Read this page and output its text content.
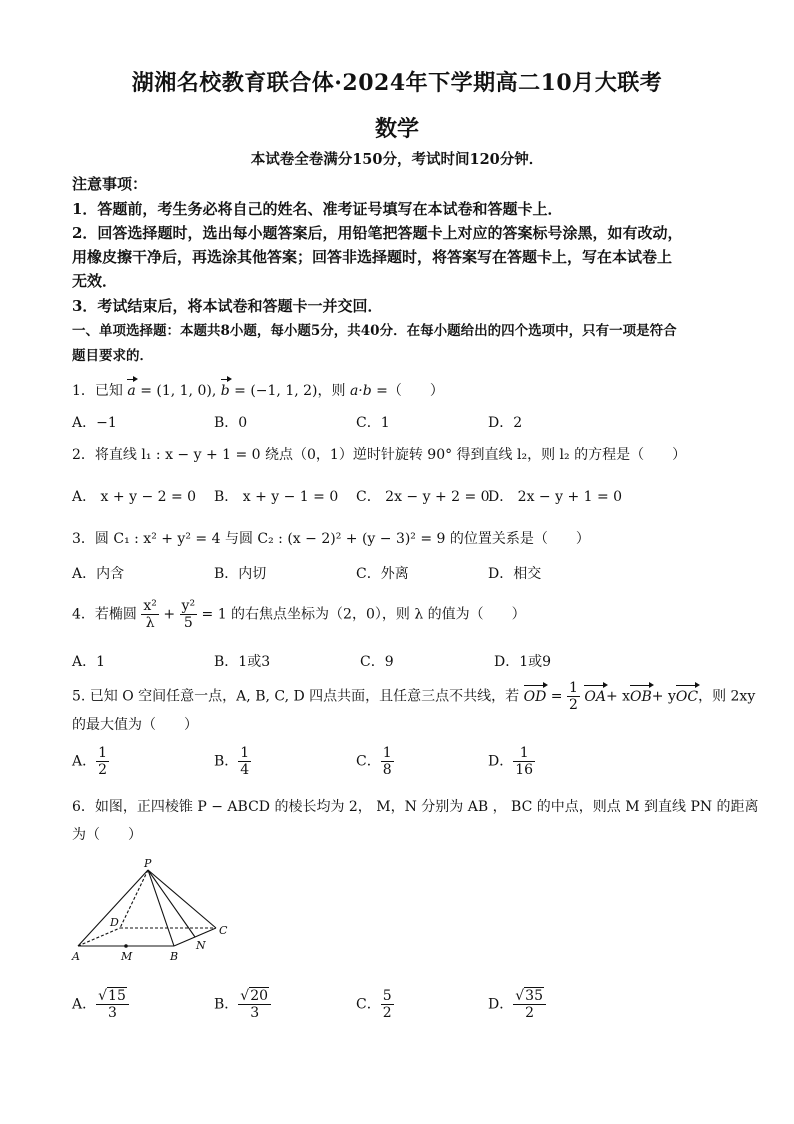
湖湘名校教育联合体·2024年下学期高二10月大联考
数学
本试卷全卷满分150分，考试时间120分钟．
注意事项：
1．答题前，考生务必将自己的姓名、准考证号填写在本试卷和答题卡上．
2．回答选择题时，选出每小题答案后，用铅笔把答题卡上对应的答案标号涂黑，如有改动，
用橡皮擦干净后，再选涂其他答案；回答非选择题时，将答案写在答题卡上，写在本试卷上
无效．
3．考试结束后，将本试卷和答题卡一并交回．
一、单项选择题：本题共8小题，每小题5分，共40分．在每小题给出的四个选项中，只有一项是符合
题目要求的．
1．已知 a = (1, 1, 0), b = (−1, 1, 2)，则 a·b =（　　）
A．−1	B．0	C．1	D．2
2．将直线 l₁ : x − y + 1 = 0 绕点（0，1）逆时针旋转 90° 得到直线 l₂，则 l₂ 的方程是（　　）
A． x + y − 2 = 0 B． x + y − 1 = 0 C． 2x − y + 2 = 0
D． 2x − y + 1 = 0
3．圆 C₁ : x² + y² = 4 与圆 C₂ : (x − 2)² + (y − 3)² = 9 的位置关系是（　　）
A．内含	B．内切	C．外离	D．相交
4．若椭圆 $\frac{\text{x²}}{\lambda} + \frac{\text{y²}}{5} = 1$ 的右焦点坐标为（2，0），则 λ 的值为（　　）
A．1	B．1或3	C．9	D．1或9
5. 已知 O 空间任意一点，A, B, C, D 四点共面，且任意三点不共线，若 OD = $\frac{1}{2} OA+ xOB+$ yOC，则 2xy
的最大值为（　　）
A． $\frac{1}{2}$	B． $\frac{1}{4}$	C． $\frac{1}{8}$	D． $\frac{1}{16}$
6．如图，正四棱锥 P − ABCD 的棱长均为 2， M，N 分别为 AB ， BC 的中点，则点 M 到直线 PN 的距离
为（　　）
P
A	B
C
D
M
N
A． $\frac{√15}{3}$	B． $\frac{√20}{3}$	C． $\frac{5}{2}$	D． $\frac{√35}{2}$
